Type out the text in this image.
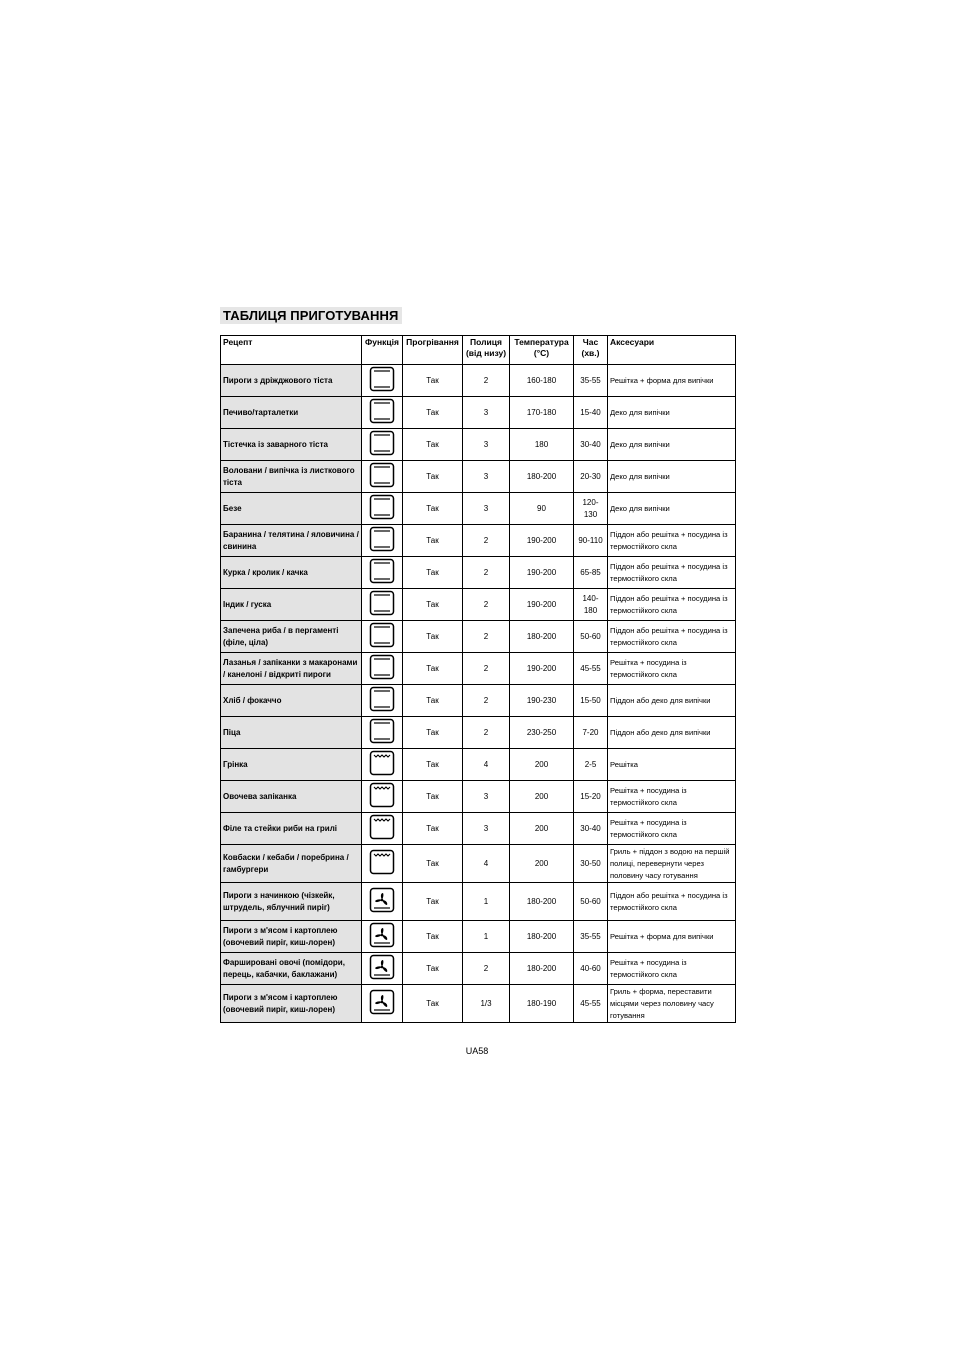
ТАБЛИЦЯ ПРИГОТУВАННЯ
Рецепт	Функція	Прогрівання	Полиця (від низу)	Температура (°C)	Час (хв.)	Аксесуари
Пироги з дріжджового тіста		Так	2	160-180	35-55	Решітка + форма для випічки
Печиво/тарталетки		Так	3	170-180	15-40	Деко для випічки
Тістечка із заварного тіста		Так	3	180	30-40	Деко для випічки
Воловани / випічка із листкового тіста		Так	3	180-200	20-30	Деко для випічки
Безе		Так	3	90	120-130	Деко для випічки
Баранина / телятина / яловичина / свинина		Так	2	190-200	90-110	Піддон або решітка + посудина із термостійкого скла
Курка / кролик / качка		Так	2	190-200	65-85	Піддон або решітка + посудина із термостійкого скла
Індик / гуска		Так	2	190-200	140-180	Піддон або решітка + посудина із термостійкого скла
Запечена риба / в пергаменті (філе, ціла)		Так	2	180-200	50-60	Піддон або решітка + посудина із термостійкого скла
Лазанья / запіканки з макаронами / канелоні / відкриті пироги		Так	2	190-200	45-55	Решітка + посудина із термостійкого скла
Хліб / фокаччо		Так	2	190-230	15-50	Піддон або деко для випічки
Піца		Так	2	230-250	7-20	Піддон або деко для випічки
Грінка		Так	4	200	2-5	Решітка
Овочева запіканка		Так	3	200	15-20	Решітка + посудина із термостійкого скла
Філе та стейки риби на грилі		Так	3	200	30-40	Решітка + посудина із термостійкого скла
Ковбаски / кебаби / поребрина / гамбургери		Так	4	200	30-50	Гриль + піддон з водою на першій полиці, перевернути через половину часу готування
Пироги з начинкою (чізкейк, штрудель, яблучний пиріг)		Так	1	180-200	50-60	Піддон або решітка + посудина із термостійкого скла
Пироги з м'ясом і картоплею (овочевий пиріг, киш-лорен)		Так	1	180-200	35-55	Решітка + форма для випічки
Фаршировані овочі (помідори, перець, кабачки, баклажани)		Так	2	180-200	40-60	Решітка + посудина із термостійкого скла
Пироги з м'ясом і картоплею (овочевий пиріг, киш-лорен)		Так	1/3	180-190	45-55	Гриль + форма, переставити місцями через половину часу готування
UA58
